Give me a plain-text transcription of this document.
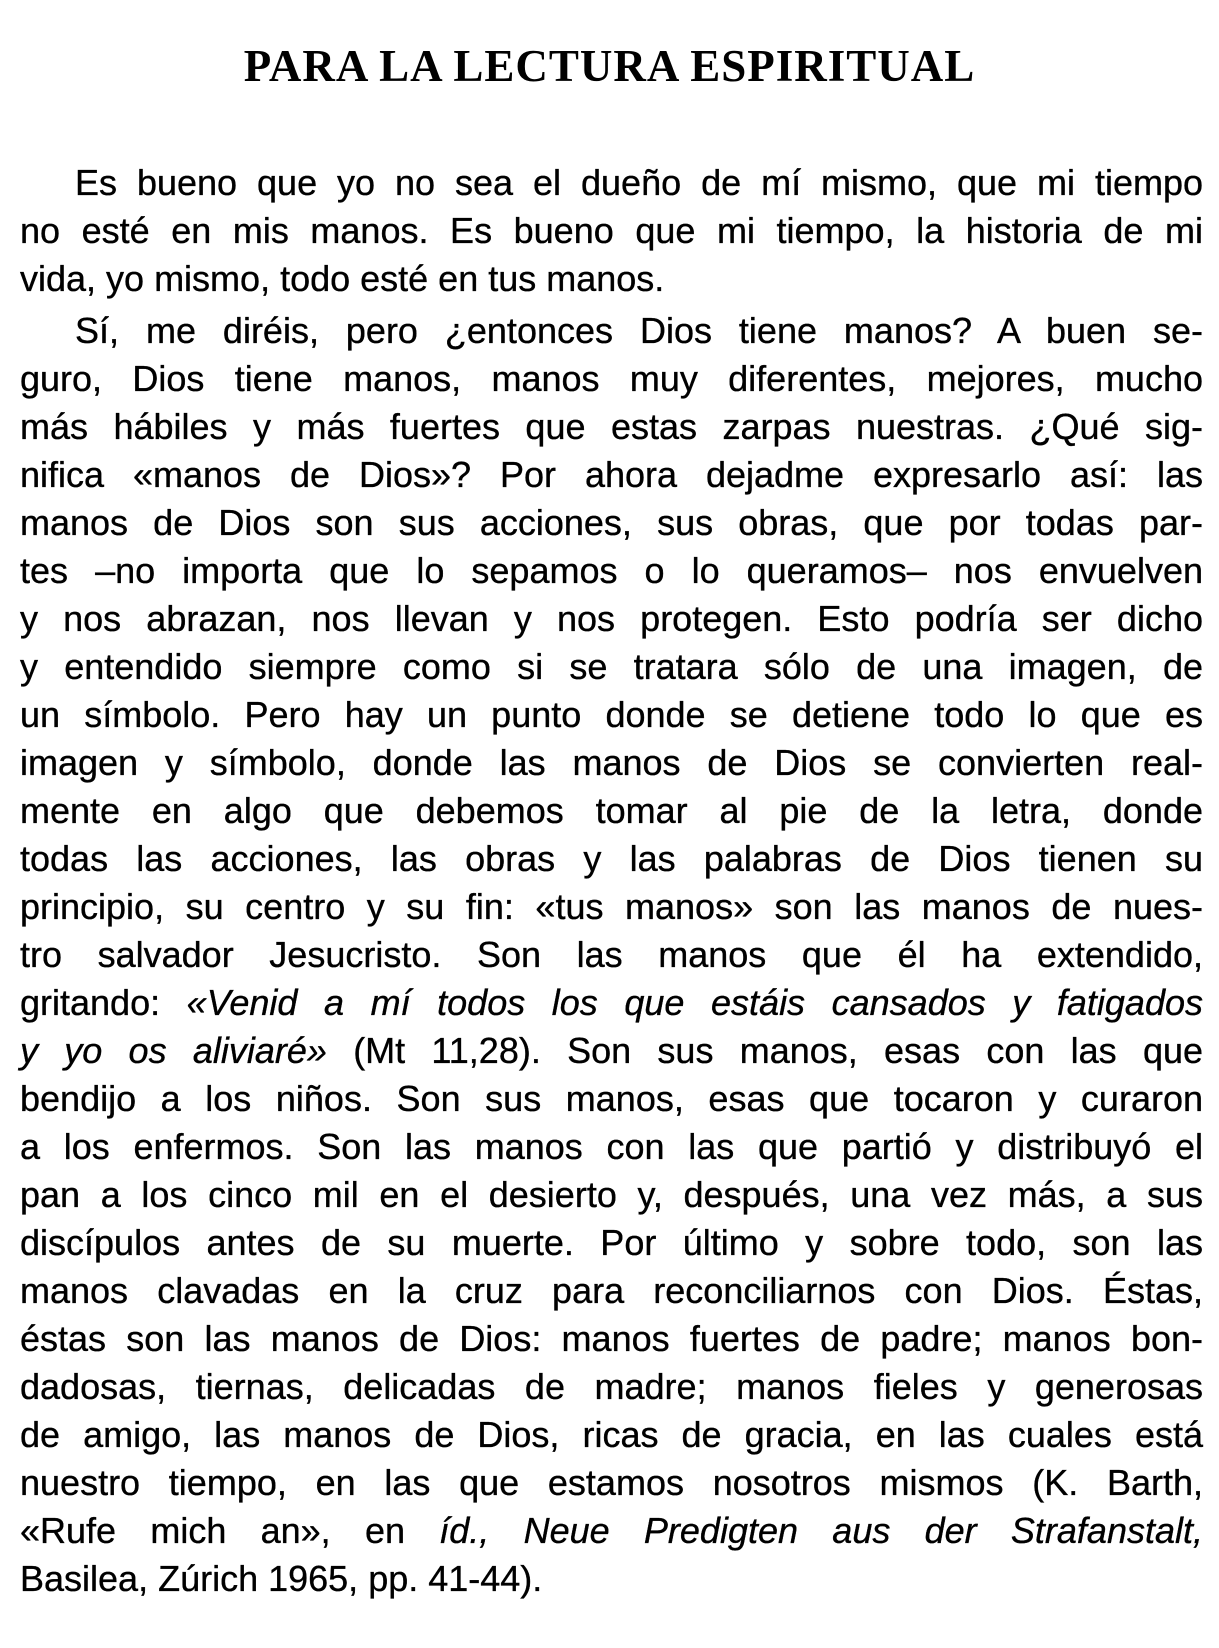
PARA LA LECTURA ESPIRITUAL
Es bueno que yo no sea el dueño de mí mismo, que mi tiempo
no esté en mis manos. Es bueno que mi tiempo, la historia de mi
vida, yo mismo, todo esté en tus manos.
Sí, me diréis, pero ¿entonces Dios tiene manos? A buen se-
guro, Dios tiene manos, manos muy diferentes, mejores, mucho
más hábiles y más fuertes que estas zarpas nuestras. ¿Qué sig-
nifica «manos de Dios»? Por ahora dejadme expresarlo así: las
manos de Dios son sus acciones, sus obras, que por todas par-
tes –no importa que lo sepamos o lo queramos– nos envuelven
y nos abrazan, nos llevan y nos protegen. Esto podría ser dicho
y entendido siempre como si se tratara sólo de una imagen, de
un símbolo. Pero hay un punto donde se detiene todo lo que es
imagen y símbolo, donde las manos de Dios se convierten real-
mente en algo que debemos tomar al pie de la letra, donde
todas las acciones, las obras y las palabras de Dios tienen su
principio, su centro y su fin: «tus manos» son las manos de nues-
tro salvador Jesucristo. Son las manos que él ha extendido,
gritando: «Venid a mí todos los que estáis cansados y fatigados
y yo os aliviaré» (Mt 11,28). Son sus manos, esas con las que
bendijo a los niños. Son sus manos, esas que tocaron y curaron
a los enfermos. Son las manos con las que partió y distribuyó el
pan a los cinco mil en el desierto y, después, una vez más, a sus
discípulos antes de su muerte. Por último y sobre todo, son las
manos clavadas en la cruz para reconciliarnos con Dios. Éstas,
éstas son las manos de Dios: manos fuertes de padre; manos bon-
dadosas, tiernas, delicadas de madre; manos fieles y generosas
de amigo, las manos de Dios, ricas de gracia, en las cuales está
nuestro tiempo, en las que estamos nosotros mismos (K. Barth,
«Rufe mich an», en íd., Neue Predigten aus der Strafanstalt,
Basilea, Zúrich 1965, pp. 41-44).
